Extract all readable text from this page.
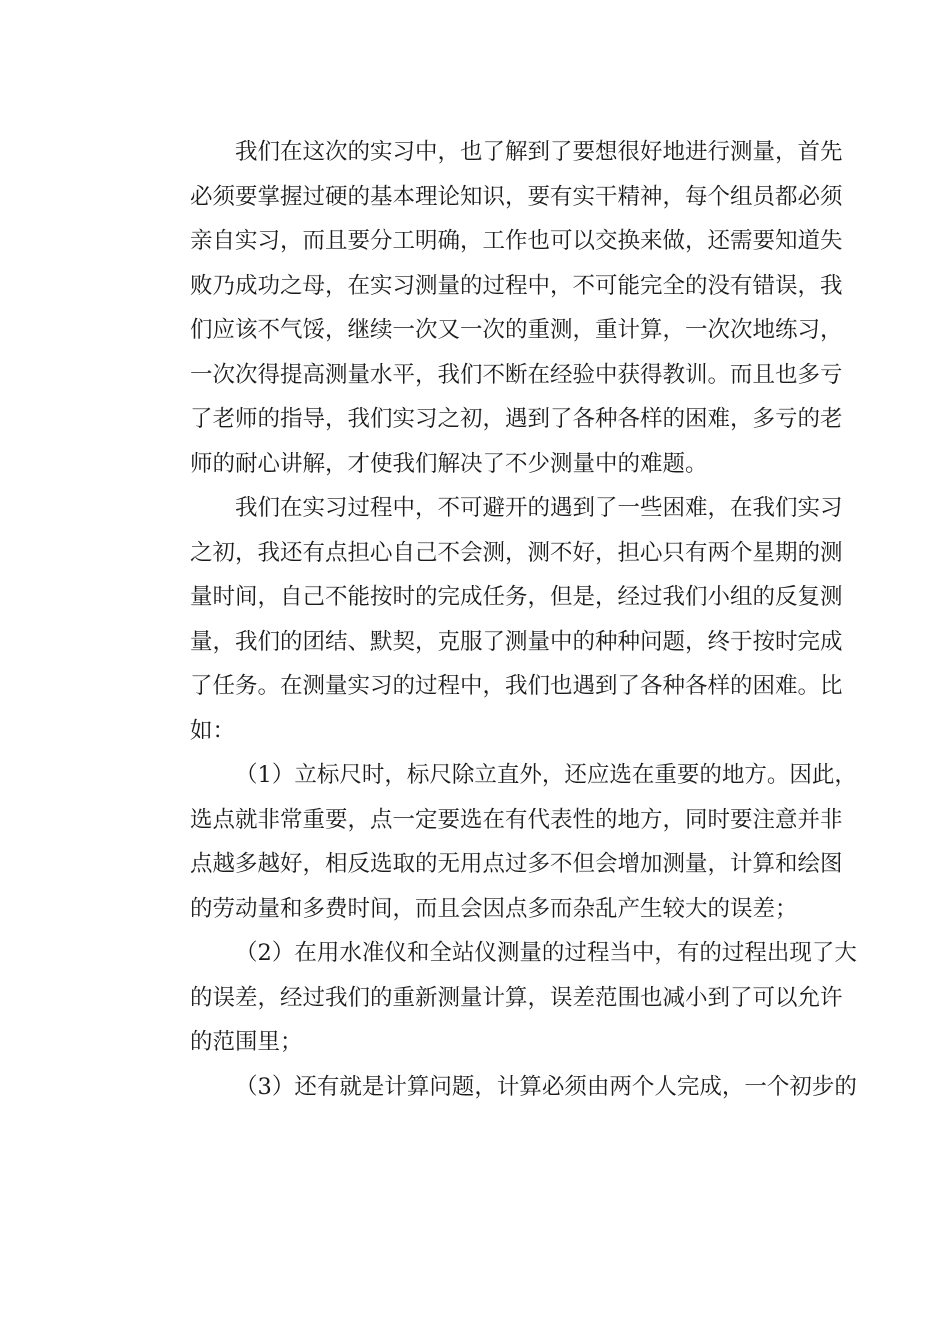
我们在这次的实习中，也了解到了要想很好地进行测量，首先
必须要掌握过硬的基本理论知识，要有实干精神，每个组员都必须
亲自实习，而且要分工明确，工作也可以交换来做，还需要知道失
败乃成功之母，在实习测量的过程中，不可能完全的没有错误，我
们应该不气馁，继续一次又一次的重测，重计算，一次次地练习，
一次次得提高测量水平，我们不断在经验中获得教训。而且也多亏
了老师的指导，我们实习之初，遇到了各种各样的困难，多亏的老
师的耐心讲解，才使我们解决了不少测量中的难题。
我们在实习过程中，不可避开的遇到了一些困难，在我们实习
之初，我还有点担心自己不会测，测不好，担心只有两个星期的测
量时间，自己不能按时的完成任务，但是，经过我们小组的反复测
量，我们的团结、默契，克服了测量中的种种问题，终于按时完成
了任务。在测量实习的过程中，我们也遇到了各种各样的困难。比
如：
（1）立标尺时，标尺除立直外，还应选在重要的地方。因此，
选点就非常重要，点一定要选在有代表性的地方，同时要注意并非
点越多越好，相反选取的无用点过多不但会增加测量，计算和绘图
的劳动量和多费时间，而且会因点多而杂乱产生较大的误差；
（2）在用水准仪和全站仪测量的过程当中，有的过程出现了大
的误差，经过我们的重新测量计算，误差范围也减小到了可以允许
的范围里；
（3）还有就是计算问题，计算必须由两个人完成，一个初步的
